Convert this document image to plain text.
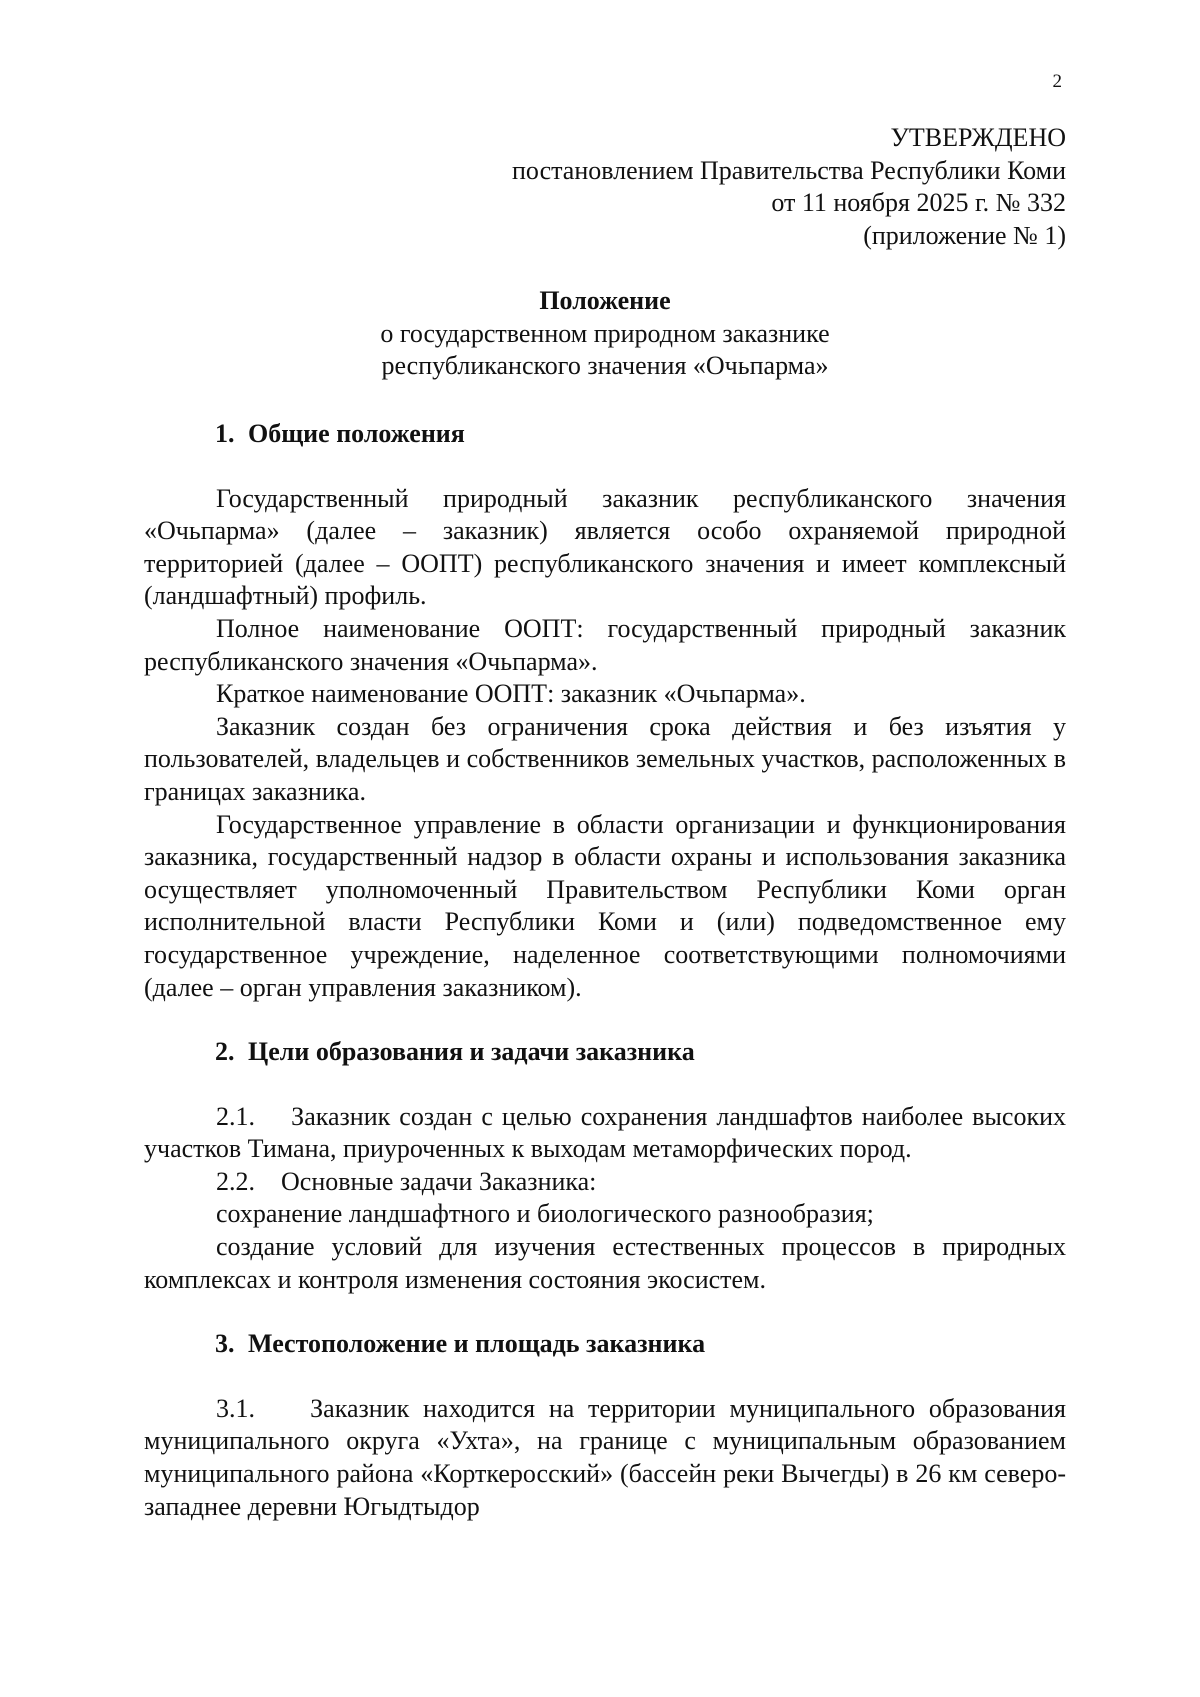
2
УТВЕРЖДЕНО
постановлением Правительства Республики Коми
от 11 ноября 2025 г. № 332
(приложение № 1)
Положение
о государственном природном заказнике
республиканского значения «Очьпарма»
1. Общие положения

Государственный природный заказник республиканского значения «Очьпарма» (далее – заказник) является особо охраняемой природной территорией (далее – ООПТ) республиканского значения и имеет комплексный (ландшафтный) профиль.

Полное наименование ООПТ: государственный природный заказник республиканского значения «Очьпарма».

Краткое наименование ООПТ: заказник «Очьпарма».

Заказник создан без ограничения срока действия и без изъятия у пользователей, владельцев и собственников земельных участков, расположенных в границах заказника.

Государственное управление в области организации и функционирования заказника, государственный надзор в области охраны и использования заказника осуществляет уполномоченный Правительством Республики Коми орган исполнительной власти Республики Коми и (или) подведомственное ему государственное учреждение, наделенное соответствующими полномочиями (далее – орган управления заказником).

2. Цели образования и задачи заказника

2.1. Заказник создан с целью сохранения ландшафтов наиболее высоких участков Тимана, приуроченных к выходам метаморфических пород.

2.2. Основные задачи Заказника:

сохранение ландшафтного и биологического разнообразия;

создание условий для изучения естественных процессов в природных комплексах и контроля изменения состояния экосистем.

3. Местоположение и площадь заказника

3.1. Заказник находится на территории муниципального образования муниципального округа «Ухта», на границе с муниципальным образованием муниципального района «Корткеросский» (бассейн реки Вычегды) в 26 км северо-западнее деревни Югыдтыдор
